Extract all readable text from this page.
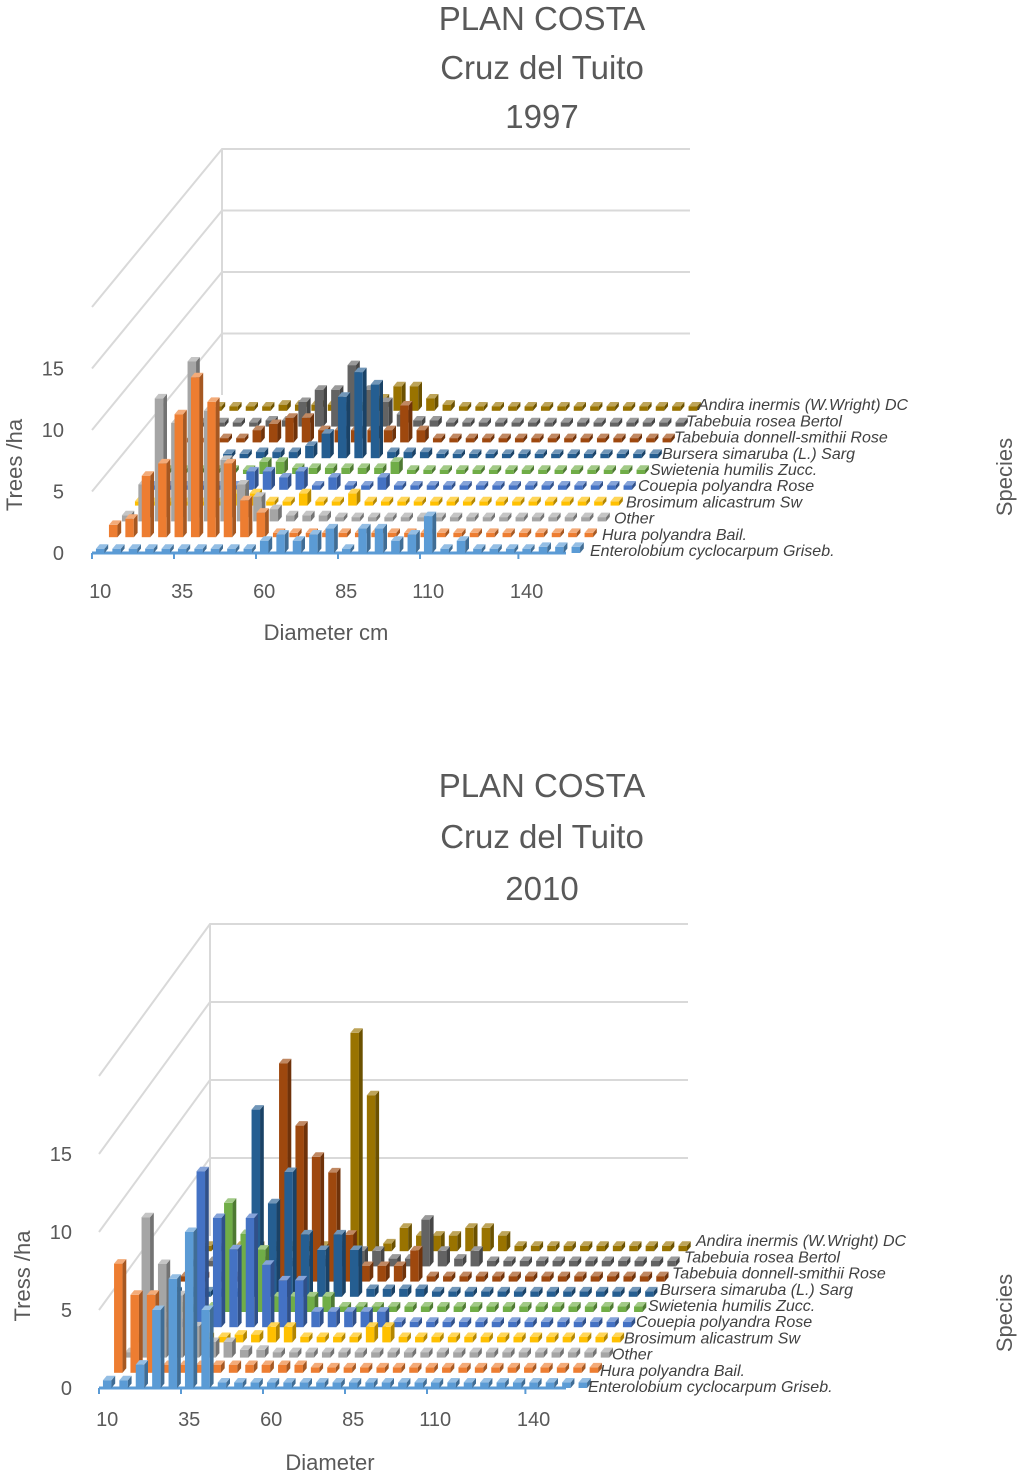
PLAN COSTA
Cruz del Tuito
1997
Diameter cm
Trees /ha	Species
0
5
10
15
10	35	60	85	110	140
Enterolobium cyclocarpum Griseb.
Hura polyandra Bail.
Other
Brosimum alicastrum Sw
Couepia polyandra Rose
Swietenia humilis Zucc.
Bursera simaruba (L.) Sarg
Tabebuia donnell-smithii Rose
Tabebuia rosea Bertol
Andira inermis (W.Wright) DC
PLAN COSTA
Cruz del Tuito
2010
Diameter
Tress /ha	Species
0
5
10
15
10	35	60	85	110	140
Enterolobium cyclocarpum Griseb.
Hura polyandra Bail.
Other
Brosimum alicastrum Sw
Couepia polyandra Rose
Swietenia humilis Zucc.
Bursera simaruba (L.) Sarg
Tabebuia donnell-smithii Rose
Tabebuia rosea Bertol
Andira inermis (W.Wright) DC
